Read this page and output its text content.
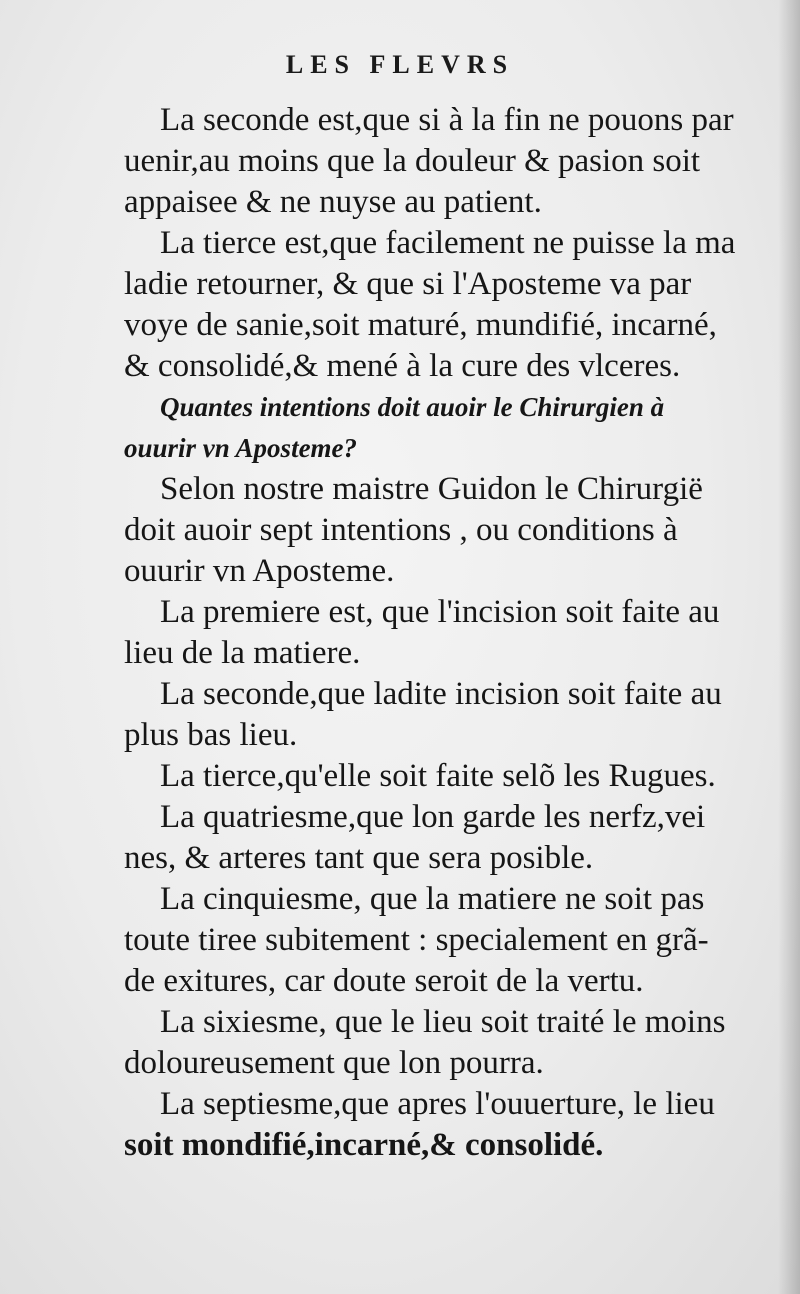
LES FLEVRS
La seconde est,que si à la fin ne pouons par
uenir,au moins que la douleur & pasion soit
appaisee & ne nuyse au patient.
La tierce est,que facilement ne puisse la ma
ladie retourner, & que si l'Aposteme va par
voye de sanie,soit maturé, mundifié, incarné,
& consolidé,& mené à la cure des vlceres.
Quantes intentions doit auoir le Chirurgien à
ouurir vn Aposteme?
Selon nostre maistre Guidon le Chirurgië
doit auoir sept intentions , ou conditions à
ouurir vn Aposteme.
La premiere est, que l'incision soit faite au
lieu de la matiere.
La seconde,que ladite incision soit faite au
plus bas lieu.
La tierce,qu'elle soit faite selõ les Rugues.
La quatriesme,que lon garde les nerfz,vei
nes, & arteres tant que sera posible.
La cinquiesme, que la matiere ne soit pas
toute tiree subitement : specialement en grã-
de exitures, car doute seroit de la vertu.
La sixiesme, que le lieu soit traité le moins
doloureusement que lon pourra.
La septiesme,que apres l'ouuerture, le lieu
soit mondifié,incarné,& consolidé.
